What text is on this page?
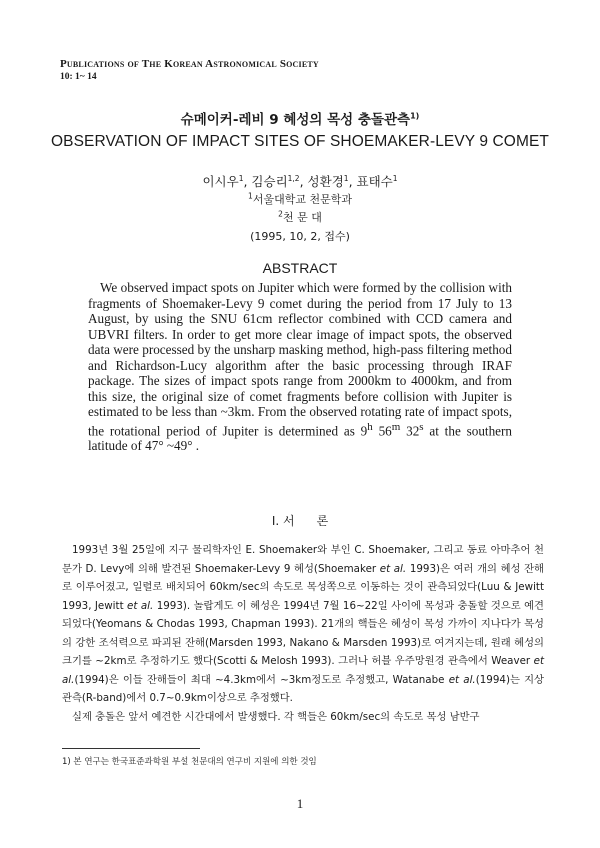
Publications of The Korean Astronomical Society
10: 1~ 14
슈메이커-레비 9 혜성의 목성 충돌관측$^{1)}$
OBSERVATION OF IMPACT SITES OF SHOEMAKER-LEVY 9 COMET
이시우$^1$, 김승리$^{1,2}$, 성환경$^1$, 표태수$^1$
$^1$서울대학교 천문학과
$^2$천 문 대
(1995, 10, 2, 접수)
ABSTRACT
We observed impact spots on Jupiter which were formed by the collision with fragments of Shoemaker-Levy 9 comet during the period from 17 July to 13 August, by using the SNU 61cm reflector combined with CCD camera and UBVRI filters. In order to get more clear image of impact spots, the observed data were processed by the unsharp masking method, high-pass filtering method and Richardson-Lucy algorithm after the basic processing through IRAF package. The sizes of impact spots range from 2000km to 4000km, and from this size, the original size of comet fragments before collision with Jupiter is estimated to be less than ~3km. From the observed rotating rate of impact spots, the rotational period of Jupiter is determined as 9$^h$ 56$^m$ 32$^s$ at the southern latitude of 47° ~49° .
I. 서 론

1993년 3월 25일에 지구 물리학자인 E. Shoemaker와 부인 C. Shoemaker, 그리고 동료 아마추어 천문가 D. Levy에 의해 발견된 Shoemaker-Levy 9 혜성(Shoemaker et al. 1993)은 여러 개의 혜성 잔해로 이루어졌고, 일렬로 배치되어 60km/sec의 속도로 목성쪽으로 이동하는 것이 관측되었다(Luu & Jewitt 1993, Jewitt et al. 1993). 놀랍게도 이 혜성은 1994년 7월 16~22일 사이에 목성과 충돌할 것으로 예견되었다(Yeomans & Chodas 1993, Chapman 1993). 21개의 핵들은 혜성이 목성 가까이 지나다가 목성의 강한 조석력으로 파괴된 잔해(Marsden 1993, Nakano & Marsden 1993)로 여겨지는데, 원래 혜성의 크기를 ~2km로 추정하기도 했다(Scotti & Melosh 1993). 그러나 허블 우주망원경 관측에서 Weaver et al.(1994)은 이들 잔해들이 최대 ~4.3km에서 ~3km정도로 추정했고, Watanabe et al.(1994)는 지상 관측(R-band)에서 0.7~0.9km이상으로 추정했다.

실제 충돌은 앞서 예견한 시간대에서 발생했다. 각 핵들은 60km/sec의 속도로 목성 남반구

1) 본 연구는 한국표준과학원 부설 천문대의 연구비 지원에 의한 것임
1
